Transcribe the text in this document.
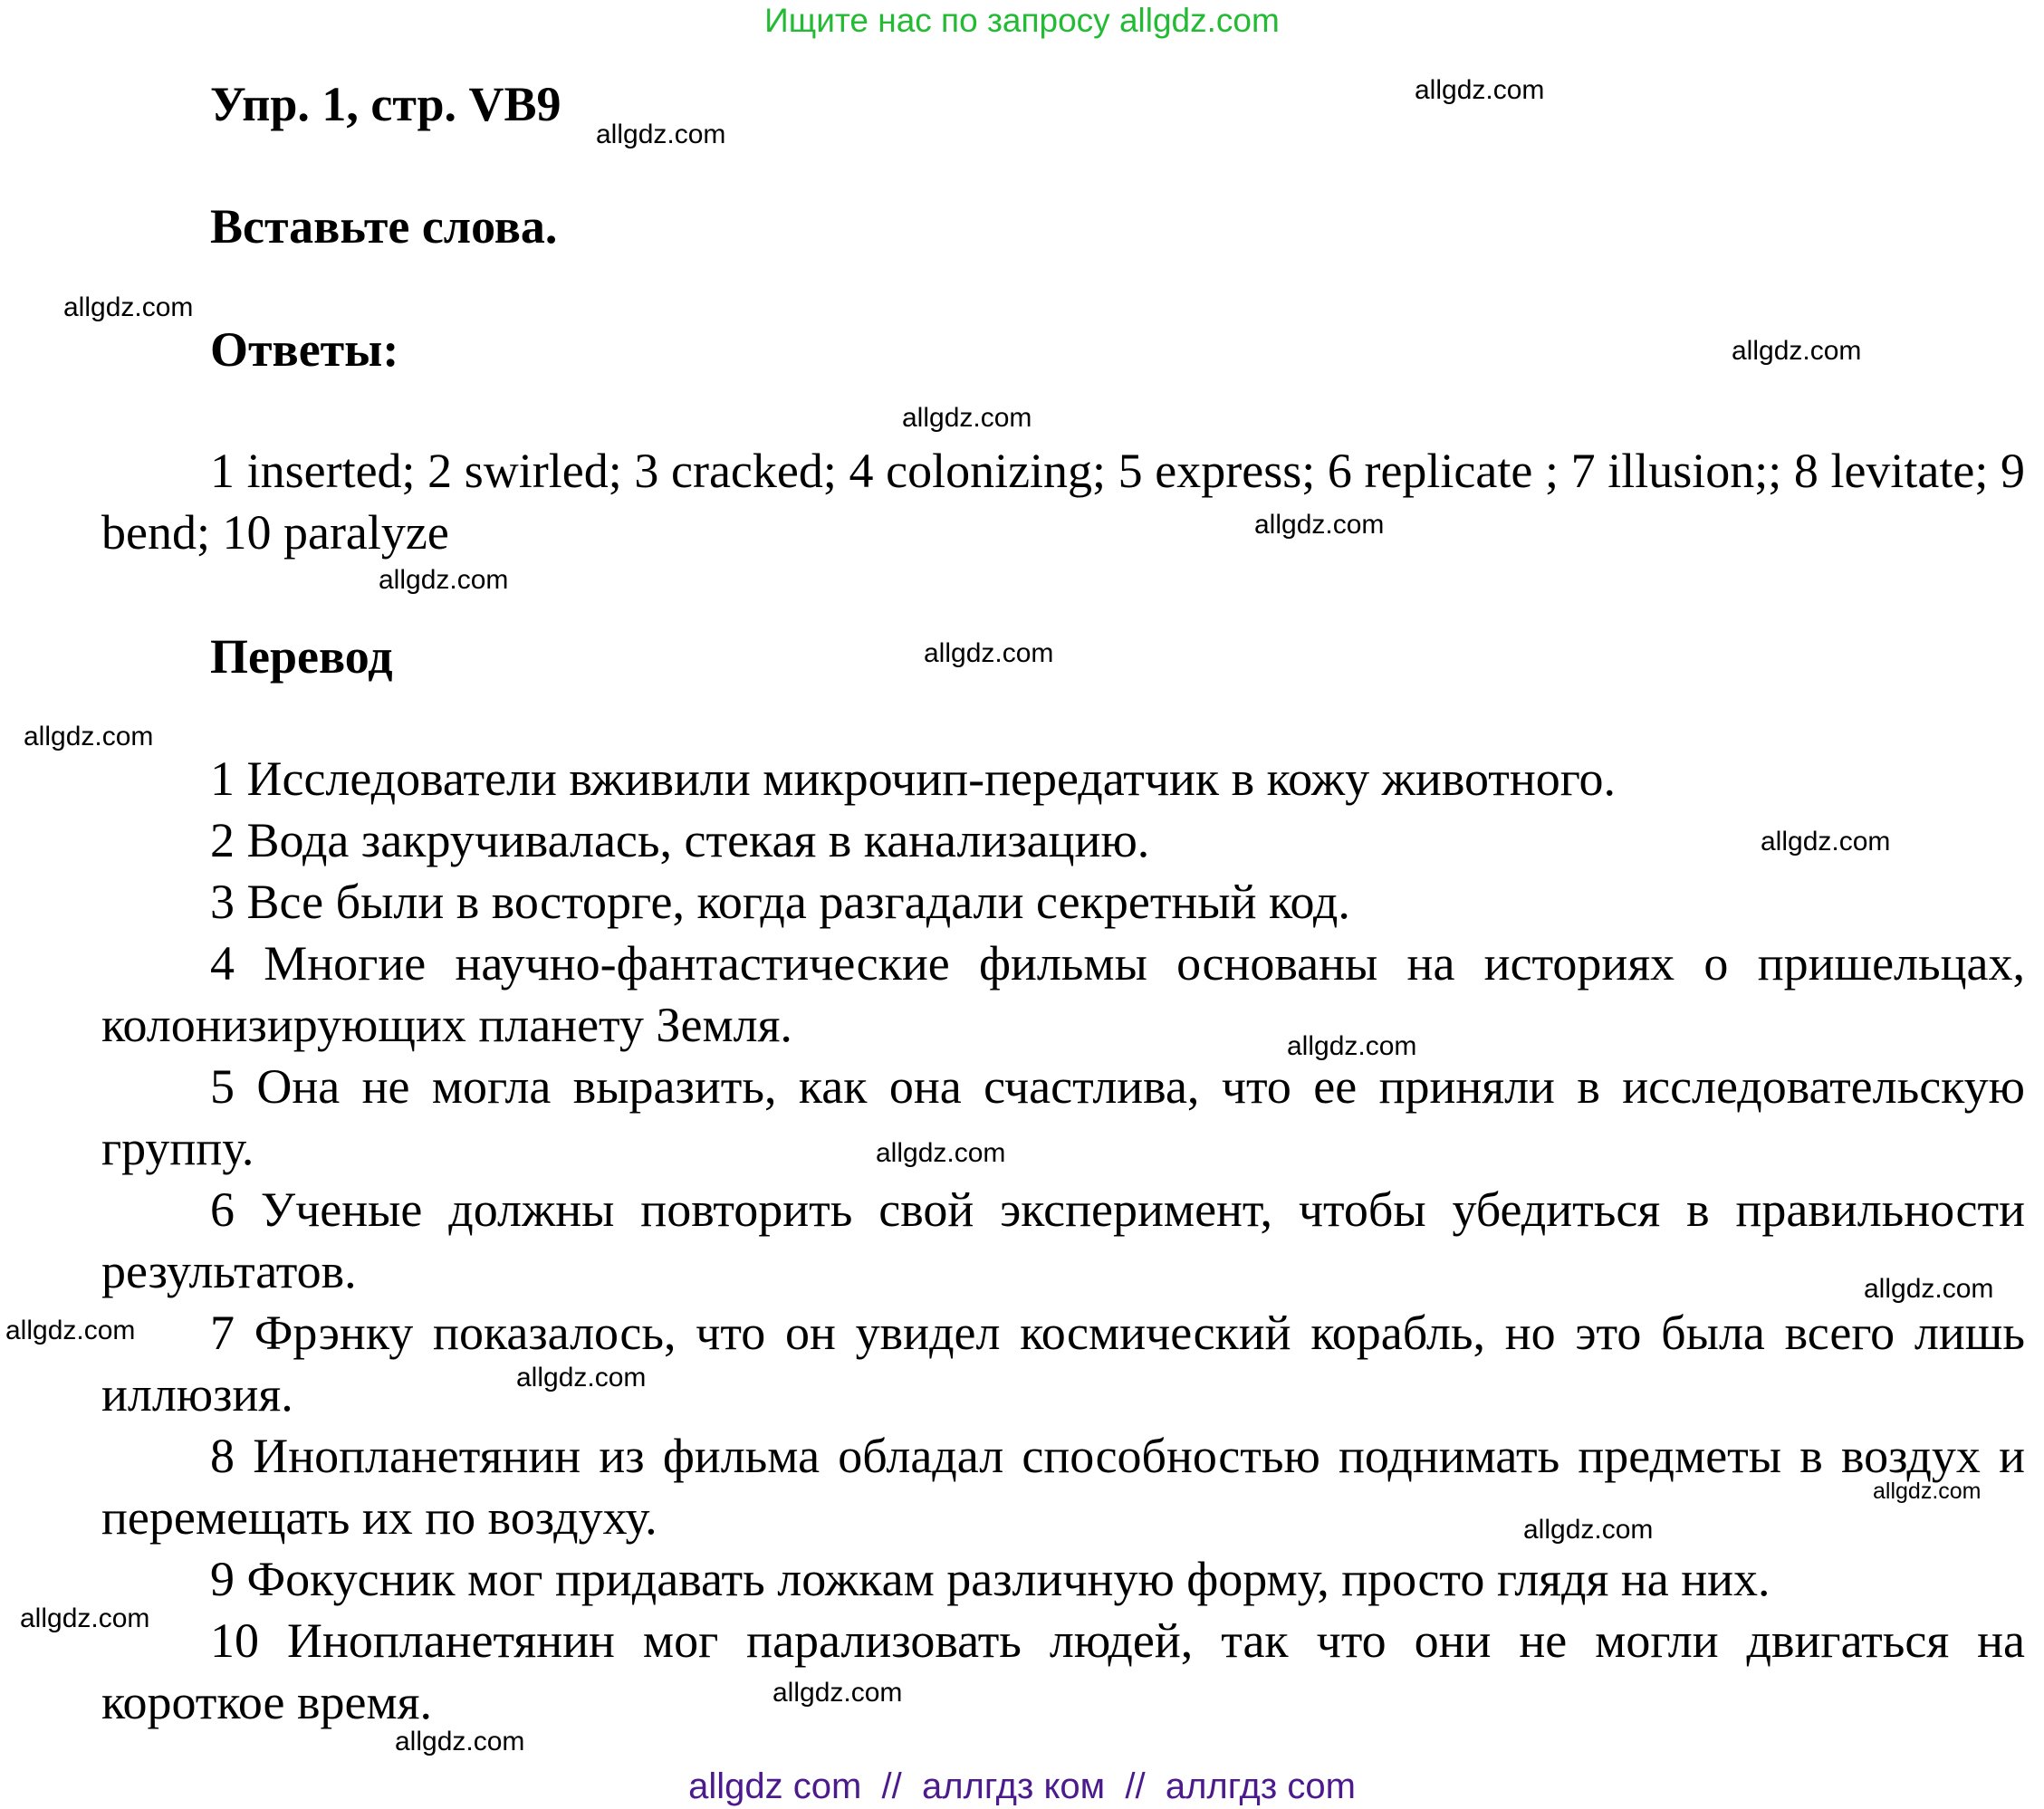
Ищите нас по запросу allgdz.com
Упр. 1, стр. VB9
Вставьте слова.
Ответы:

1 inserted; 2 swirled; 3 cracked; 4 colonizing; 5 express; 6 replicate ; 7 illusion;; 8 levitate; 9 bend; 10 paralyze

Перевод

1 Исследователи вживили микрочип-передатчик в кожу животного.

2 Вода закручивалась, стекая в канализацию.

3 Все были в восторге, когда разгадали секретный код.

4 Многие научно-фантастические фильмы основаны на историях о пришельцах, колонизирующих планету Земля.

5 Она не могла выразить, как она счастлива, что ее приняли в исследовательскую группу.

6 Ученые должны повторить свой эксперимент, чтобы убедиться в правильности результатов.

7 Фрэнку показалось, что он увидел космический корабль, но это была всего лишь иллюзия.

8 Инопланетянин из фильма обладал способностью поднимать предметы в воздух и перемещать их по воздуху.

9 Фокусник мог придавать ложкам различную форму, просто глядя на них.

10 Инопланетянин мог парализовать людей, так что они не могли двигаться на короткое время.

allgdz.com
allgdz.com
allgdz.com
allgdz.com
allgdz.com
allgdz.com
allgdz.com
allgdz.com
allgdz.com
allgdz.com
allgdz.com
allgdz.com
allgdz.com
allgdz.com
allgdz.com
allgdz.com
allgdz.com
allgdz.com
allgdz.com
allgdz.com
allgdz com  //  аллгдз ком  //  аллгдз com
